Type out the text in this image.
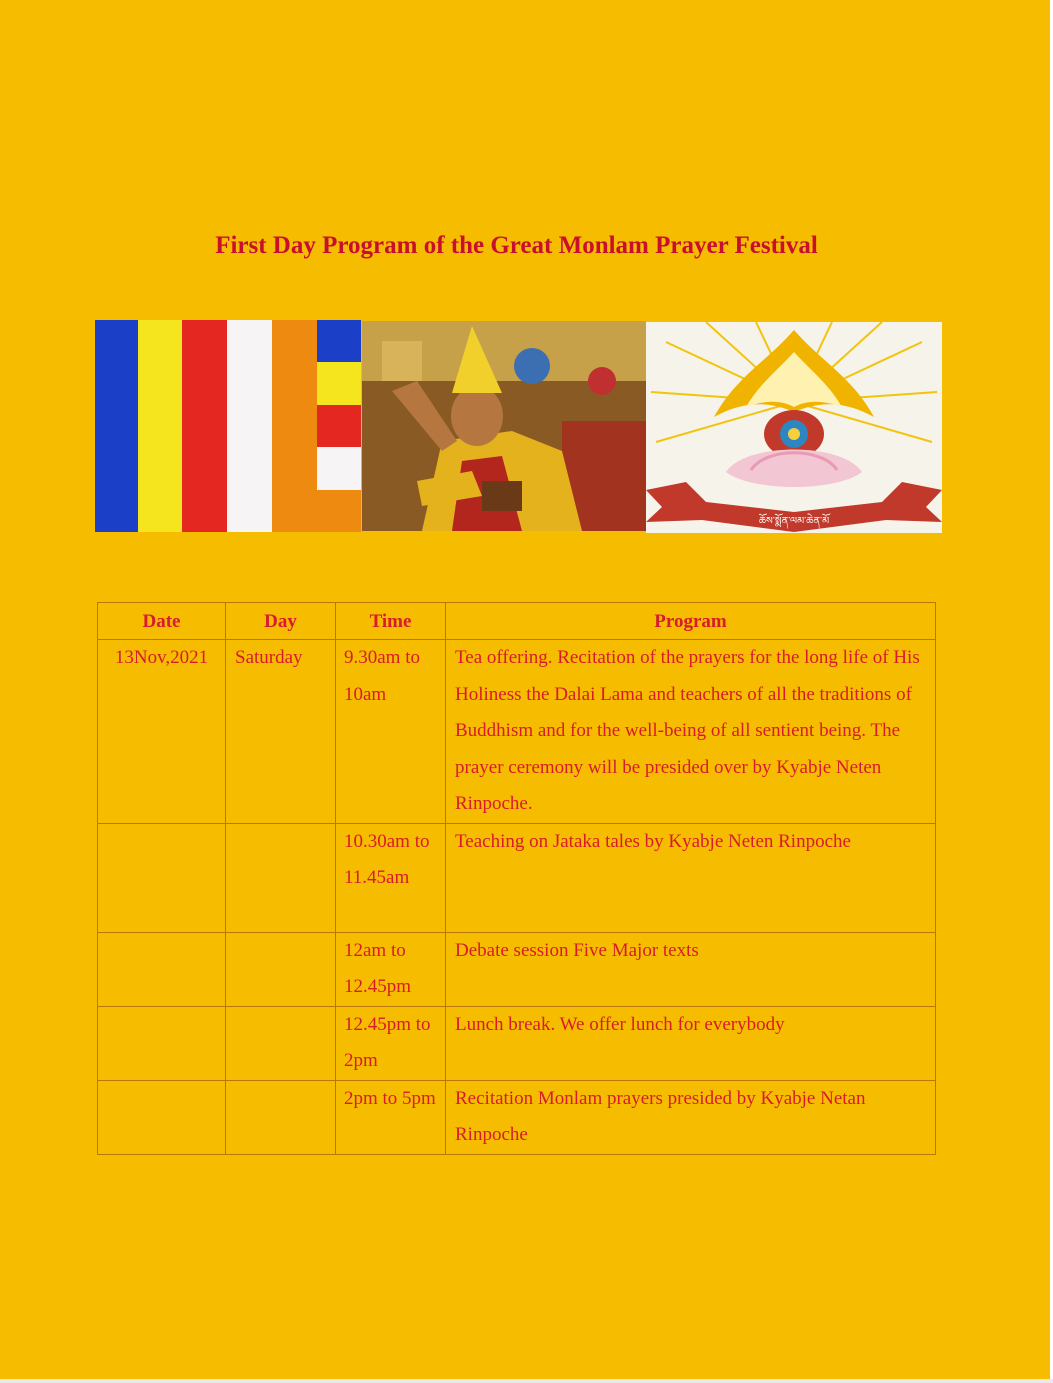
First Day Program of the Great Monlam Prayer Festival
ཆོས་སྨོན་ལམ་ཆེན་མོ
Date	Day	Time	Program
13Nov,2021	Saturday	9.30am to 10am	Tea offering. Recitation of the prayers for the long life of His Holiness the Dalai Lama and teachers of all the traditions of Buddhism and for the well-being of all sentient being. The prayer ceremony will be presided over by Kyabje Neten Rinpoche.
		10.30am to 11.45am	Teaching on Jataka tales by Kyabje Neten Rinpoche
		12am to 12.45pm	Debate session Five Major texts
		12.45pm to 2pm	Lunch break. We offer lunch for everybody
		2pm to 5pm	Recitation Monlam prayers presided by Kyabje Netan Rinpoche
